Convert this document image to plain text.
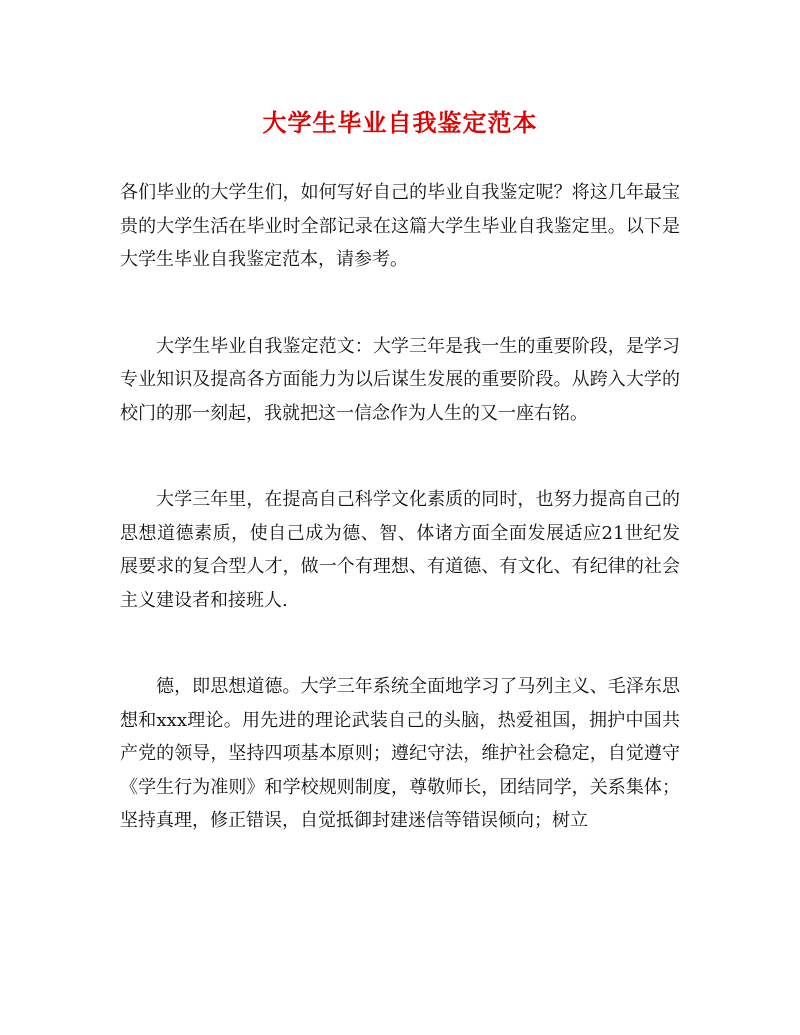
大学生毕业自我鉴定范本

各们毕业的大学生们，如何写好自己的毕业自我鉴定呢？将这几年最宝贵的大学生活在毕业时全部记录在这篇大学生毕业自我鉴定里。以下是大学生毕业自我鉴定范本，请参考。

大学生毕业自我鉴定范文：大学三年是我一生的重要阶段，是学习专业知识及提高各方面能力为以后谋生发展的重要阶段。从跨入大学的校门的那一刻起，我就把这一信念作为人生的又一座右铭。

大学三年里，在提高自己科学文化素质的同时，也努力提高自己的思想道德素质，使自己成为德、智、体诸方面全面发展适应21世纪发展要求的复合型人才，做一个有理想、有道德、有文化、有纪律的社会主义建设者和接班人.

德，即思想道德。大学三年系统全面地学习了马列主义、毛泽东思想和xxx理论。用先进的理论武装自己的头脑，热爱祖国，拥护中国共产党的领导，坚持四项基本原则；遵纪守法，维护社会稳定，自觉遵守《学生行为准则》和学校规则制度，尊敬师长，团结同学，关系集体；坚持真理，修正错误，自觉抵御封建迷信等错误倾向；树立
